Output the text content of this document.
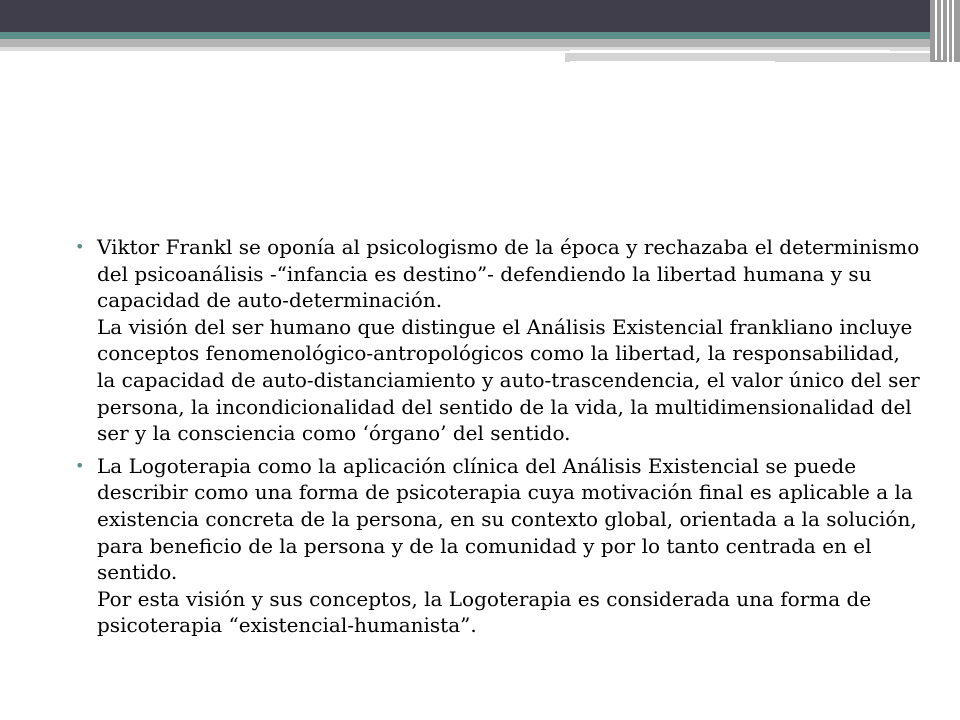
• Viktor Frankl se oponía al psicologismo de la época y rechazaba el determinismo del psicoanálisis -“infancia es destino”- defendiendo la libertad humana y su capacidad de auto-determinación.
La visión del ser humano que distingue el Análisis Existencial frankliano incluye conceptos fenomenológico-antropológicos como la libertad, la responsabilidad, la capacidad de auto-distanciamiento y auto-trascendencia, el valor único del ser persona, la incondicionalidad del sentido de la vida, la multidimensionalidad del ser y la consciencia como ‘órgano’ del sentido.
• La Logoterapia como la aplicación clínica del Análisis Existencial se puede describir como una forma de psicoterapia cuya motivación final es aplicable a la existencia concreta de la persona, en su contexto global, orientada a la solución, para beneficio de la persona y de la comunidad y por lo tanto centrada en el sentido.
Por esta visión y sus conceptos, la Logoterapia es considerada una forma de psicoterapia “existencial-humanista”.
